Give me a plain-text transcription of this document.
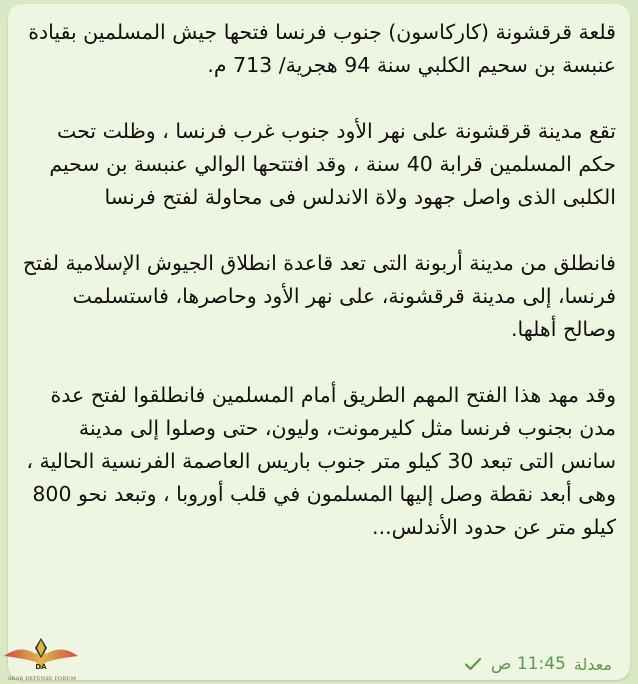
قلعة قرقشونة (كاركاسون) جنوب فرنسا فتحها جيش المسلمين بقيادة عنبسة بن سحيم الكلبي سنة 94 هجرية/ 713 م.

تقع مدينة قرقشونة على نهر الأود جنوب غرب فرنسا ، وظلت تحت حكم المسلمين قرابة 40 سنة ، وقد افتتحها الوالي عنبسة بن سحيم الكلبى الذى واصل جهود ولاة الاندلس فى محاولة لفتح فرنسا

فانطلق من مدينة أربونة التى تعد قاعدة انطلاق الجيوش الإسلامية لفتح فرنسا، إلى مدينة قرقشونة، على نهر الأود وحاصرها، فاستسلمت وصالح أهلها.

وقد مهد هذا الفتح المهم الطريق أمام المسلمين فانطلقوا لفتح عدة مدن بجنوب فرنسا مثل كليرمونت، وليون، حتى وصلوا إلى مدينة سانس التى تبعد 30 كيلو متر جنوب باريس العاصمة الفرنسية الحالية ، وهى أبعد نقطة وصل إليها المسلمون في قلب أوروبا ، وتبعد نحو 800 كيلو متر عن حدود الأندلس...

معدلة
11:45 ص
DA
ARAB DEFENSE FORUM
